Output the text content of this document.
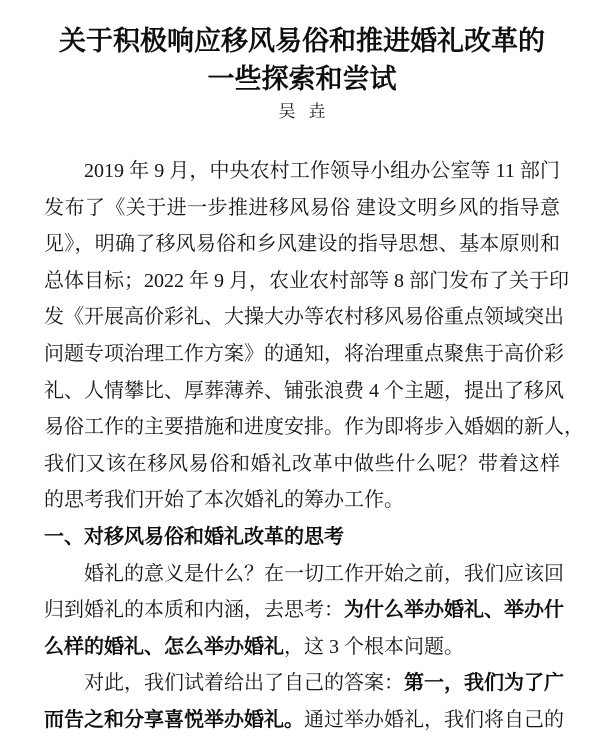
关于积极响应移风易俗和推进婚礼改革的
一些探索和尝试
吴垚
2019 年 9 月，中央农村工作领导小组办公室等 11 部门
发布了《关于进一步推进移风易俗 建设文明乡风的指导意
见》，明确了移风易俗和乡风建设的指导思想、基本原则和
总体目标；2022 年 9 月，农业农村部等 8 部门发布了关于印
发《开展高价彩礼、大操大办等农村移风易俗重点领域突出
问题专项治理工作方案》的通知，将治理重点聚焦于高价彩
礼、人情攀比、厚葬薄养、铺张浪费 4 个主题，提出了移风
易俗工作的主要措施和进度安排。作为即将步入婚姻的新人，
我们又该在移风易俗和婚礼改革中做些什么呢？带着这样
的思考我们开始了本次婚礼的筹办工作。
一、对移风易俗和婚礼改革的思考
婚礼的意义是什么？在一切工作开始之前，我们应该回
归到婚礼的本质和内涵，去思考：为什么举办婚礼、举办什
么样的婚礼、怎么举办婚礼，这 3 个根本问题。
对此，我们试着给出了自己的答案：第一，我们为了广
而告之和分享喜悦举办婚礼。通过举办婚礼，我们将自己的
